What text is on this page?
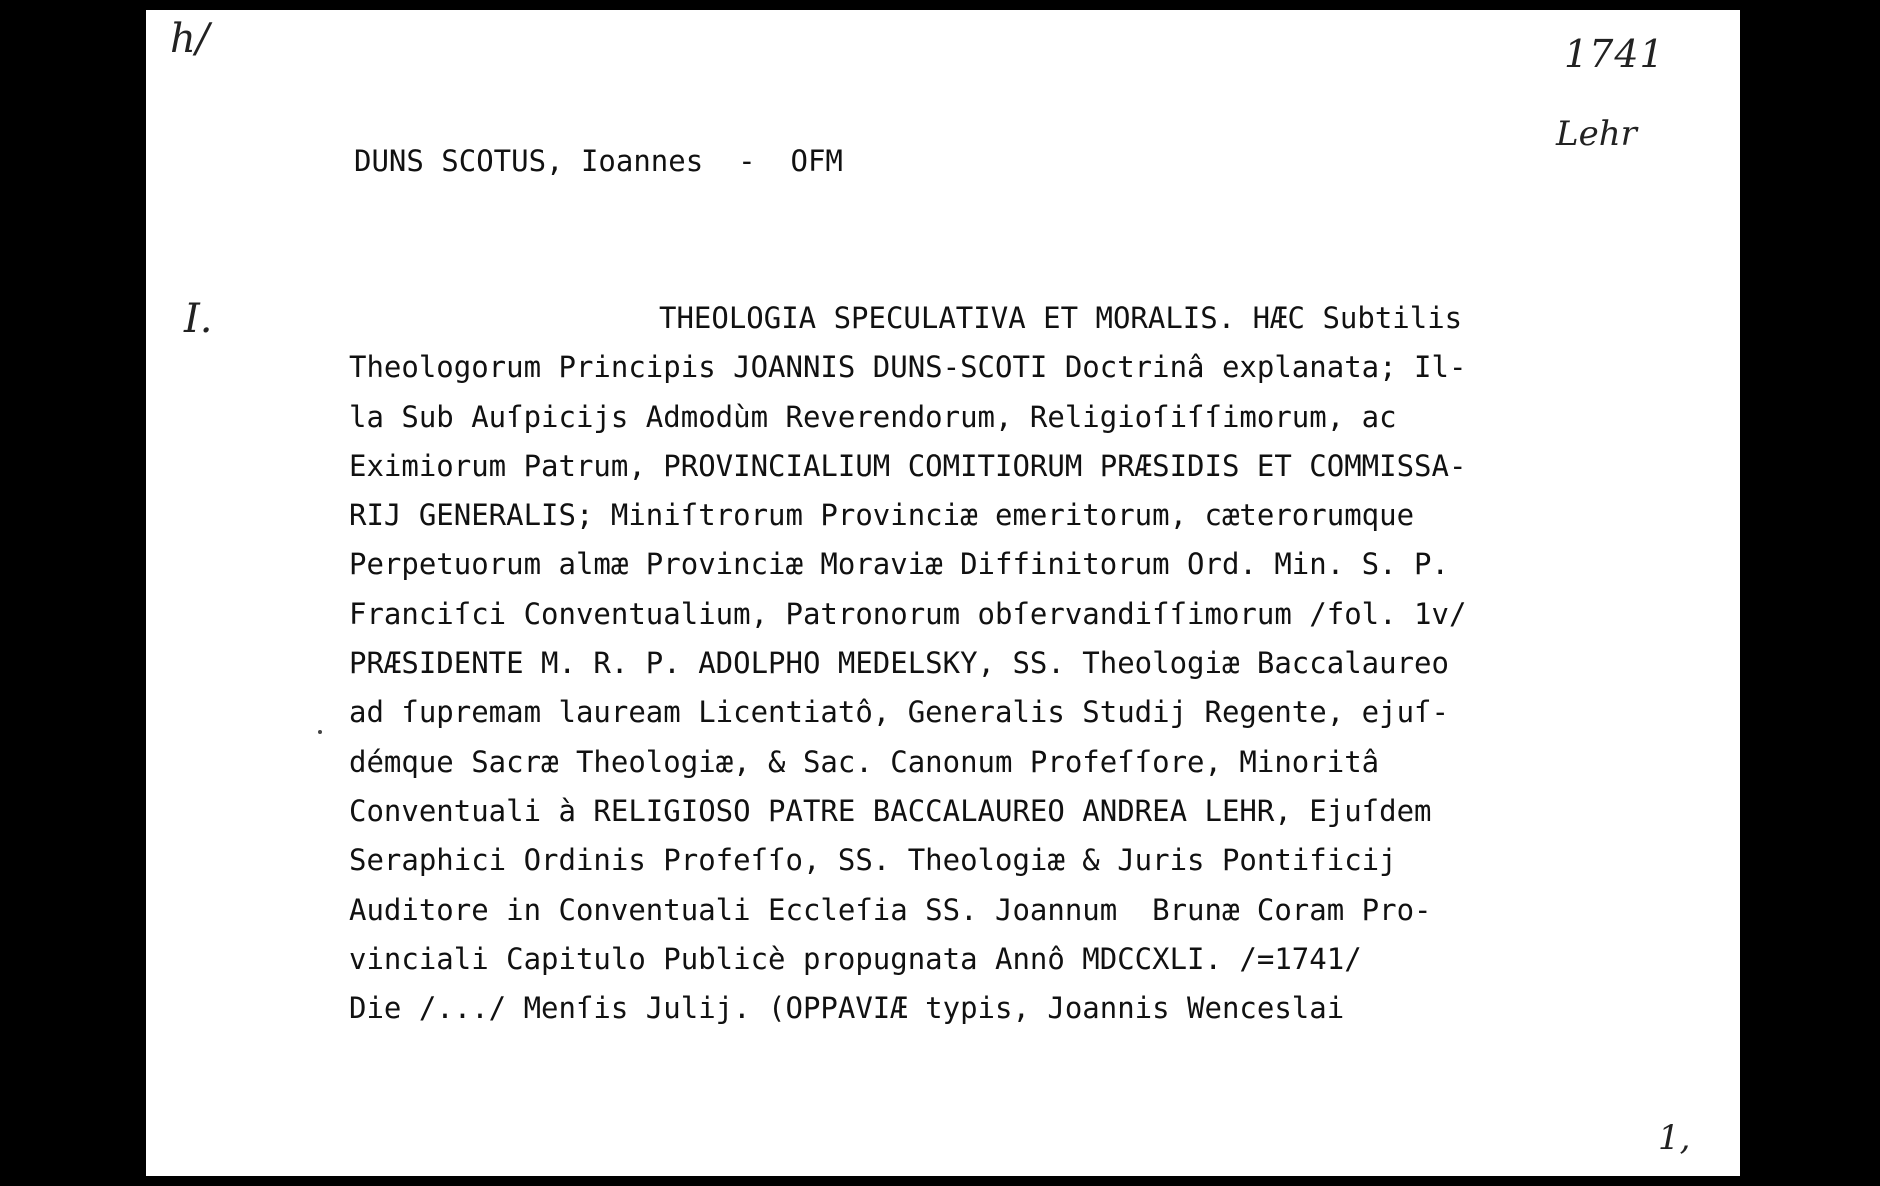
h/	1741
Lehr
I.
1,
DUNS SCOTUS, Ioannes  -  OFM
THEOLOGIA SPECULATIVA ET MORALIS. HÆC Subtilis
Theologorum Principis JOANNIS DUNS-SCOTI Doctrinâ explanata; Il-
la Sub Auſpicijs Admodùm Reverendorum, Religioſiſſimorum, ac
Eximiorum Patrum, PROVINCIALIUM COMITIORUM PRÆSIDIS ET COMMISSA-
RIJ GENERALIS; Miniſtrorum Provinciæ emeritorum, cæterorumque
Perpetuorum almæ Provinciæ Moraviæ Diffinitorum Ord. Min. S. P.
Franciſci Conventualium, Patronorum obſervandiſſimorum /fol. 1v/
PRÆSIDENTE M. R. P. ADOLPHO MEDELSKY, SS. Theologiæ Baccalaureo
ad ſupremam lauream Licentiatô, Generalis Studij Regente, ejuſ-
démque Sacræ Theologiæ, & Sac. Canonum Profeſſore, Minoritâ
Conventuali à RELIGIOSO PATRE BACCALAUREO ANDREA LEHR, Ejuſdem
Seraphici Ordinis Profeſſo, SS. Theologiæ & Juris Pontificij
Auditore in Conventuali Eccleſia SS. Joannum  Brunæ Coram Pro-
vinciali Capitulo Publicè propugnata Annô MDCCXLI. /=1741/
Die /.../ Menſis Julij. (OPPAVIÆ typis, Joannis Wenceslai
